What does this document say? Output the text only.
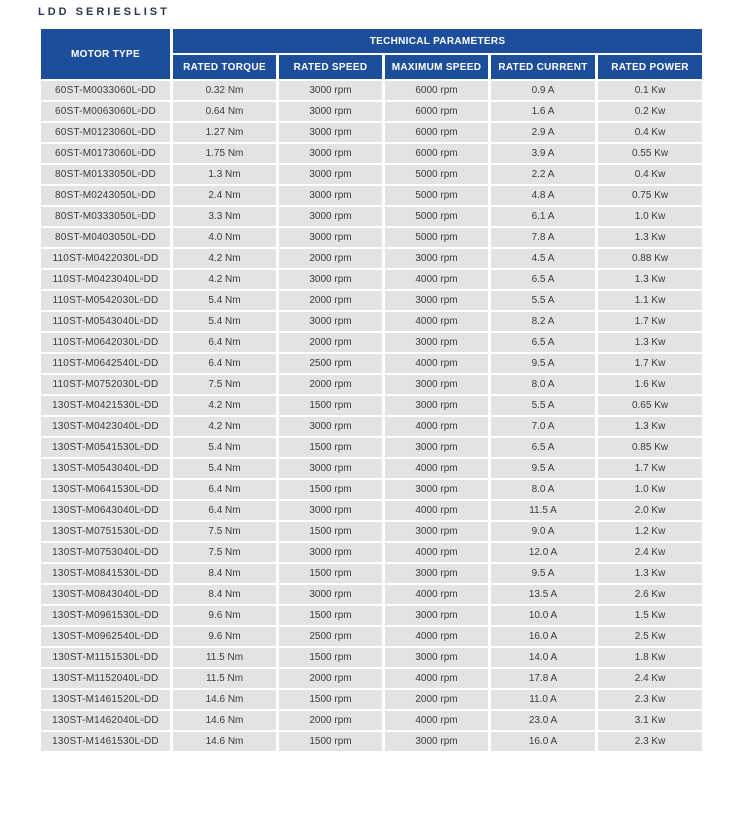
LDD SERIESLIST
MOTOR TYPE	TECHNICAL PARAMETERS				
	RATED TORQUE	RATED SPEED	MAXIMUM SPEED	RATED CURRENT	RATED POWER
60ST-M0033060L▫DD	0.32 Nm	3000 rpm	6000 rpm	0.9 A	0.1 Kw
60ST-M0063060L▫DD	0.64 Nm	3000 rpm	6000 rpm	1.6 A	0.2 Kw
60ST-M0123060L▫DD	1.27 Nm	3000 rpm	6000 rpm	2.9 A	0.4 Kw
60ST-M0173060L▫DD	1.75 Nm	3000 rpm	6000 rpm	3.9 A	0.55 Kw
80ST-M0133050L▫DD	1.3 Nm	3000 rpm	5000 rpm	2.2 A	0.4 Kw
80ST-M0243050L▫DD	2.4 Nm	3000 rpm	5000 rpm	4.8 A	0.75 Kw
80ST-M0333050L▫DD	3.3 Nm	3000 rpm	5000 rpm	6.1 A	1.0 Kw
80ST-M0403050L▫DD	4.0 Nm	3000 rpm	5000 rpm	7.8 A	1.3 Kw
110ST-M0422030L▫DD	4.2 Nm	2000 rpm	3000 rpm	4.5 A	0.88 Kw
110ST-M0423040L▫DD	4.2 Nm	3000 rpm	4000 rpm	6.5 A	1.3 Kw
110ST-M0542030L▫DD	5.4 Nm	2000 rpm	3000 rpm	5.5 A	1.1 Kw
110ST-M0543040L▫DD	5.4 Nm	3000 rpm	4000 rpm	8.2 A	1.7 Kw
110ST-M0642030L▫DD	6.4 Nm	2000 rpm	3000 rpm	6.5 A	1.3 Kw
110ST-M0642540L▫DD	6.4 Nm	2500 rpm	4000 rpm	9.5 A	1.7 Kw
110ST-M0752030L▫DD	7.5 Nm	2000 rpm	3000 rpm	8.0 A	1.6 Kw
130ST-M0421530L▫DD	4.2 Nm	1500 rpm	3000 rpm	5.5 A	0.65 Kw
130ST-M0423040L▫DD	4.2 Nm	3000 rpm	4000 rpm	7.0 A	1.3 Kw
130ST-M0541530L▫DD	5.4 Nm	1500 rpm	3000 rpm	6.5 A	0.85 Kw
130ST-M0543040L▫DD	5.4 Nm	3000 rpm	4000 rpm	9.5 A	1.7 Kw
130ST-M0641530L▫DD	6.4 Nm	1500 rpm	3000 rpm	8.0 A	1.0 Kw
130ST-M0643040L▫DD	6.4 Nm	3000 rpm	4000 rpm	11.5 A	2.0 Kw
130ST-M0751530L▫DD	7.5 Nm	1500 rpm	3000 rpm	9.0 A	1.2 Kw
130ST-M0753040L▫DD	7.5 Nm	3000 rpm	4000 rpm	12.0 A	2.4 Kw
130ST-M0841530L▫DD	8.4 Nm	1500 rpm	3000 rpm	9.5 A	1.3 Kw
130ST-M0843040L▫DD	8.4 Nm	3000 rpm	4000 rpm	13.5 A	2.6 Kw
130ST-M0961530L▫DD	9.6 Nm	1500 rpm	3000 rpm	10.0 A	1.5 Kw
130ST-M0962540L▫DD	9.6 Nm	2500 rpm	4000 rpm	16.0 A	2.5 Kw
130ST-M1151530L▫DD	11.5 Nm	1500 rpm	3000 rpm	14.0 A	1.8 Kw
130ST-M1152040L▫DD	11.5 Nm	2000 rpm	4000 rpm	17.8 A	2.4 Kw
130ST-M1461520L▫DD	14.6 Nm	1500 rpm	2000 rpm	11.0 A	2.3 Kw
130ST-M1462040L▫DD	14.6 Nm	2000 rpm	4000 rpm	23.0 A	3.1 Kw
130ST-M1461530L▫DD	14.6 Nm	1500 rpm	3000 rpm	16.0 A	2.3 Kw
